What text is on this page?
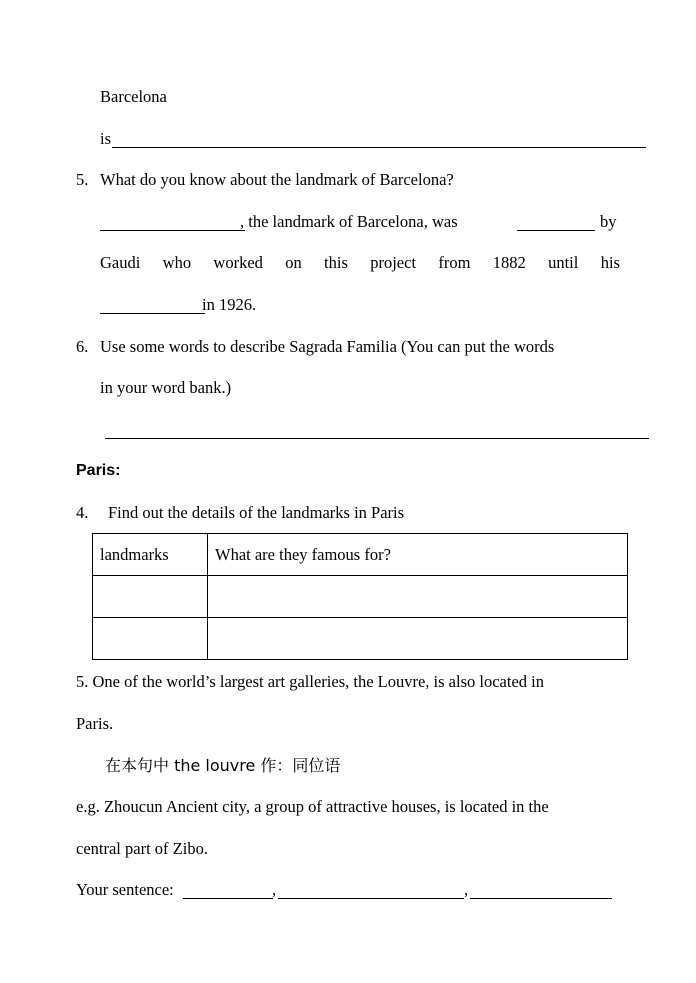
Barcelona
is
5. What do you know about the landmark of Barcelona?
, the landmark of Barcelona, was	by
Gaudi who worked on this project from 1882 until his
in 1926.
6. Use some words to describe Sagrada Familia (You can put the words
in your word bank.)
Paris:
4. Find out the details of the landmarks in Paris
landmarks	What are they famous for?

5. One of the world’s largest art galleries, the Louvre, is also located in
Paris.
在本句中 the louvre 作：同位语
e.g. Zhoucun Ancient city, a group of attractive houses, is located in the
central part of Zibo.
Your sentence:	,	,
